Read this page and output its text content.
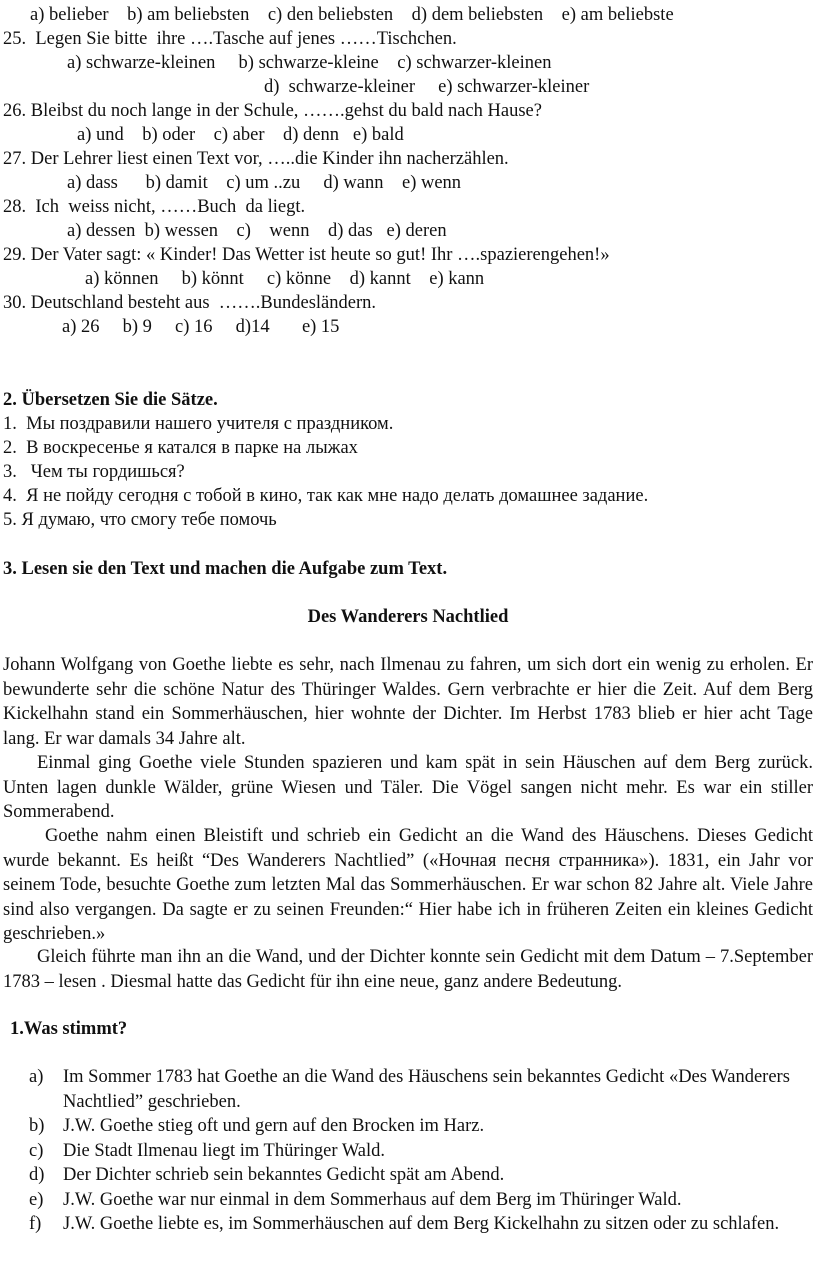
a) belieber    b) am beliebsten    c) den beliebsten    d) dem beliebsten    e) am beliebste
25.  Legen Sie bitte  ihre ….Tasche auf jenes ……Tischchen.
a) schwarze-kleinen     b) schwarze-kleine    c) schwarzer-kleinen
d)  schwarze-kleiner     e) schwarzer-kleiner
26. Bleibst du noch lange in der Schule, …….gehst du bald nach Hause?
a) und    b) oder    c) aber    d) denn   e) bald
27. Der Lehrer liest einen Text vor, …..die Kinder ihn nacherzählen.
a) dass      b) damit    c) um ..zu     d) wann    e) wenn
28.  Ich  weiss nicht, ……Buch  da liegt.
a) dessen  b) wessen    c)    wenn    d) das   e) deren
29. Der Vater sagt: « Kinder! Das Wetter ist heute so gut! Ihr ….spazierengehen!»
a) können     b) könnt     c) könne    d) kannt    e) kann
30. Deutschland besteht aus  …….Bundesländern.
a) 26     b) 9     c) 16     d)14       e) 15
2. Übersetzen Sie die Sätze.
1.  Мы поздравили нашего учителя с праздником.
2.  В воскресенье я катался в парке на лыжах
3.   Чем ты гордишься?
4.  Я не пойду сегодня с тобой в кино, так как мне надо делать домашнее задание.
5. Я думаю, что смогу тебе помочь
3. Lesen sie den Text und machen die Aufgabe zum Text.
Des Wanderers Nachtlied

Johann Wolfgang von Goethe liebte es sehr, nach Ilmenau zu fahren, um sich dort ein wenig zu erholen. Er bewunderte sehr die schöne Natur des Thüringer Waldes. Gern verbrachte er hier die Zeit. Auf dem Berg Kickelhahn stand ein Sommerhäuschen, hier wohnte der Dichter. Im Herbst 1783 blieb er hier acht Tage lang. Er war damals 34 Jahre alt.

Einmal ging Goethe viele Stunden spazieren und kam spät in sein Häuschen auf dem Berg zurück. Unten lagen dunkle Wälder, grüne Wiesen und Täler. Die Vögel sangen nicht mehr. Es war ein stiller Sommerabend.

Goethe nahm einen Bleistift und schrieb ein Gedicht an die Wand des Häuschens. Dieses Gedicht wurde bekannt. Es heißt “Des Wanderers Nachtlied” («Ночная песня странника»). 1831, ein Jahr vor seinem Tode, besuchte Goethe zum letzten Mal das Sommerhäuschen. Er war schon 82 Jahre alt. Viele Jahre sind also vergangen. Da sagte er zu seinen Freunden:“ Hier habe ich in früheren Zeiten ein kleines Gedicht geschrieben.»

Gleich führte man ihn an die Wand, und der Dichter konnte sein Gedicht mit dem Datum – 7.September 1783 – lesen . Diesmal hatte das Gedicht für ihn eine neue, ganz andere Bedeutung.

1.Was stimmt?
a) Im Sommer 1783 hat Goethe an die Wand des Häuschens sein bekanntes Gedicht «Des Wanderers Nachtlied” geschrieben.
b) J.W. Goethe stieg oft und gern auf den Brocken im Harz.
c) Die Stadt Ilmenau liegt im Thüringer Wald.
d) Der Dichter schrieb sein bekanntes Gedicht spät am Abend.
e) J.W. Goethe war nur einmal in dem Sommerhaus auf dem Berg im Thüringer Wald.
f) J.W. Goethe liebte es, im Sommerhäuschen auf dem Berg Kickelhahn zu sitzen oder zu schlafen.
